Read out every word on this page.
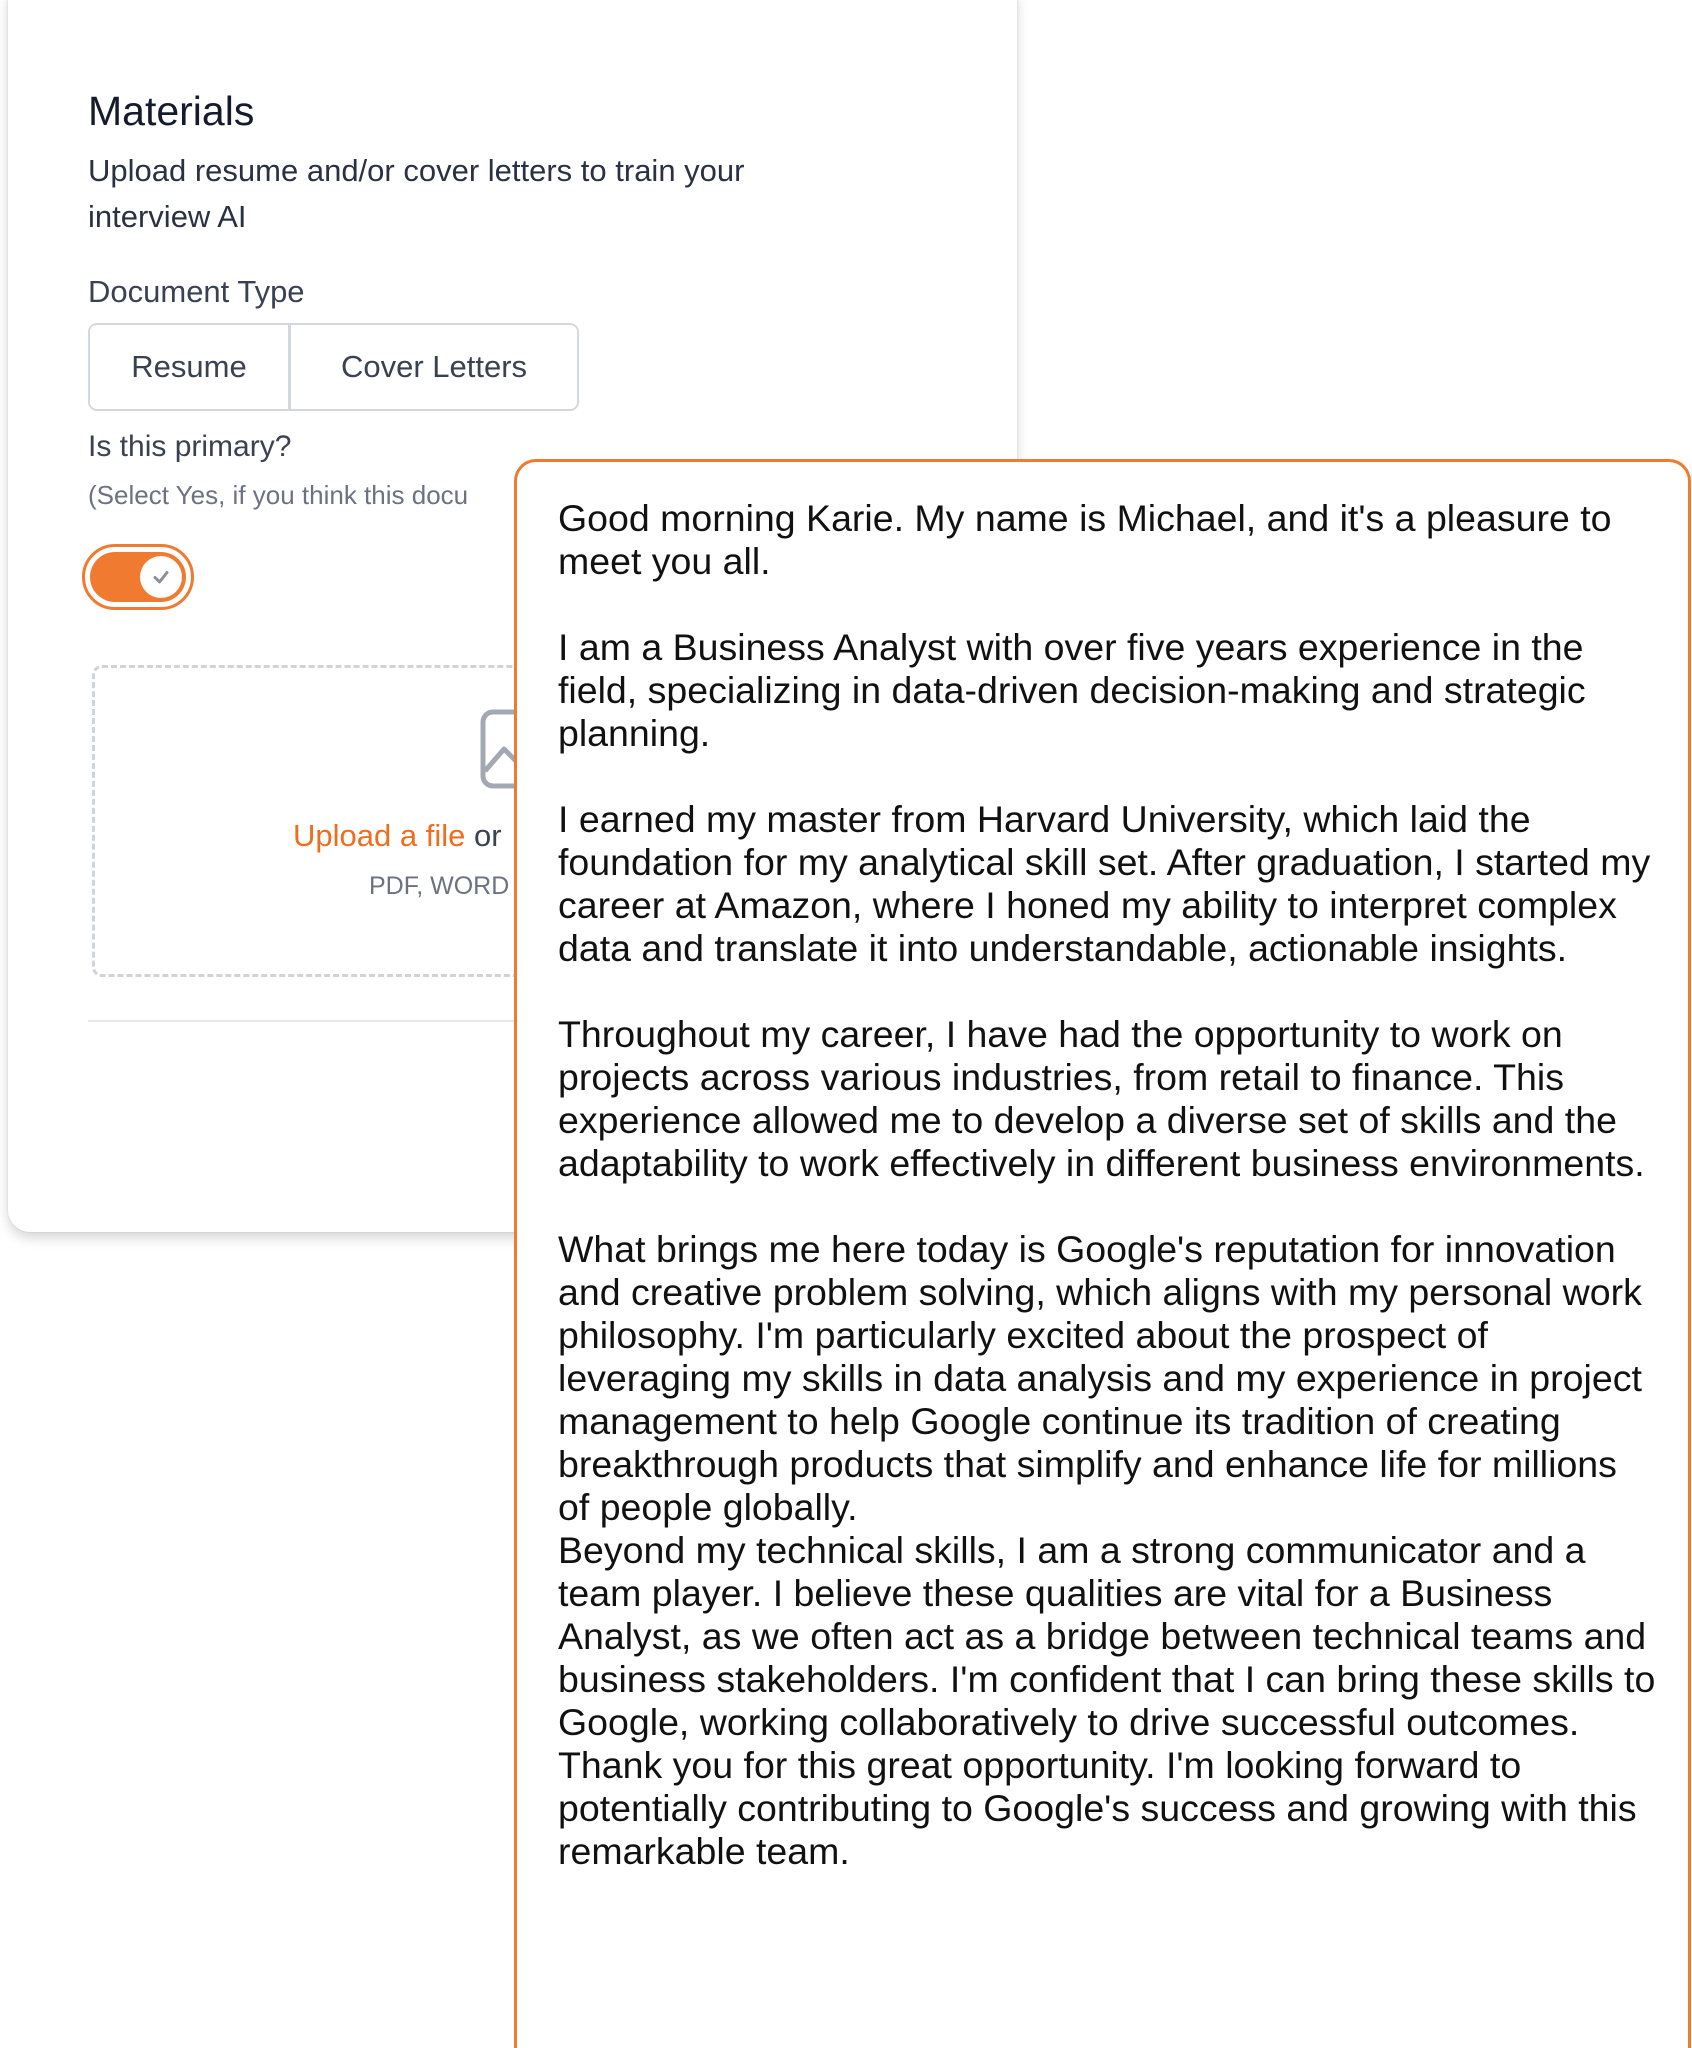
Materials
Upload resume and/or cover letters to train your interview AI
Document Type
Resume	Cover Letters
Is this primary?
(Select Yes, if you think this docu
Upload a file or
PDF, WORD

Good morning Karie. My name is Michael, and it's a pleasure to meet you all.

I am a Business Analyst with over five years experience in the field, specializing in data-driven decision-making and strategic planning.

I earned my master from Harvard University, which laid the foundation for my analytical skill set. After graduation, I started my career at Amazon, where I honed my ability to interpret complex data and translate it into understandable, actionable insights.

Throughout my career, I have had the opportunity to work on projects across various industries, from retail to finance. This experience allowed me to develop a diverse set of skills and the adaptability to work effectively in different business environments.

What brings me here today is Google's reputation for innovation and creative problem solving, which aligns with my personal work philosophy. I'm particularly excited about the prospect of leveraging my skills in data analysis and my experience in project management to help Google continue its tradition of creating breakthrough products that simplify and enhance life for millions of people globally.

Beyond my technical skills, I am a strong communicator and a team player. I believe these qualities are vital for a Business Analyst, as we often act as a bridge between technical teams and business stakeholders. I'm confident that I can bring these skills to Google, working collaboratively to drive successful outcomes.

Thank you for this great opportunity. I'm looking forward to potentially contributing to Google's success and growing with this remarkable team.
